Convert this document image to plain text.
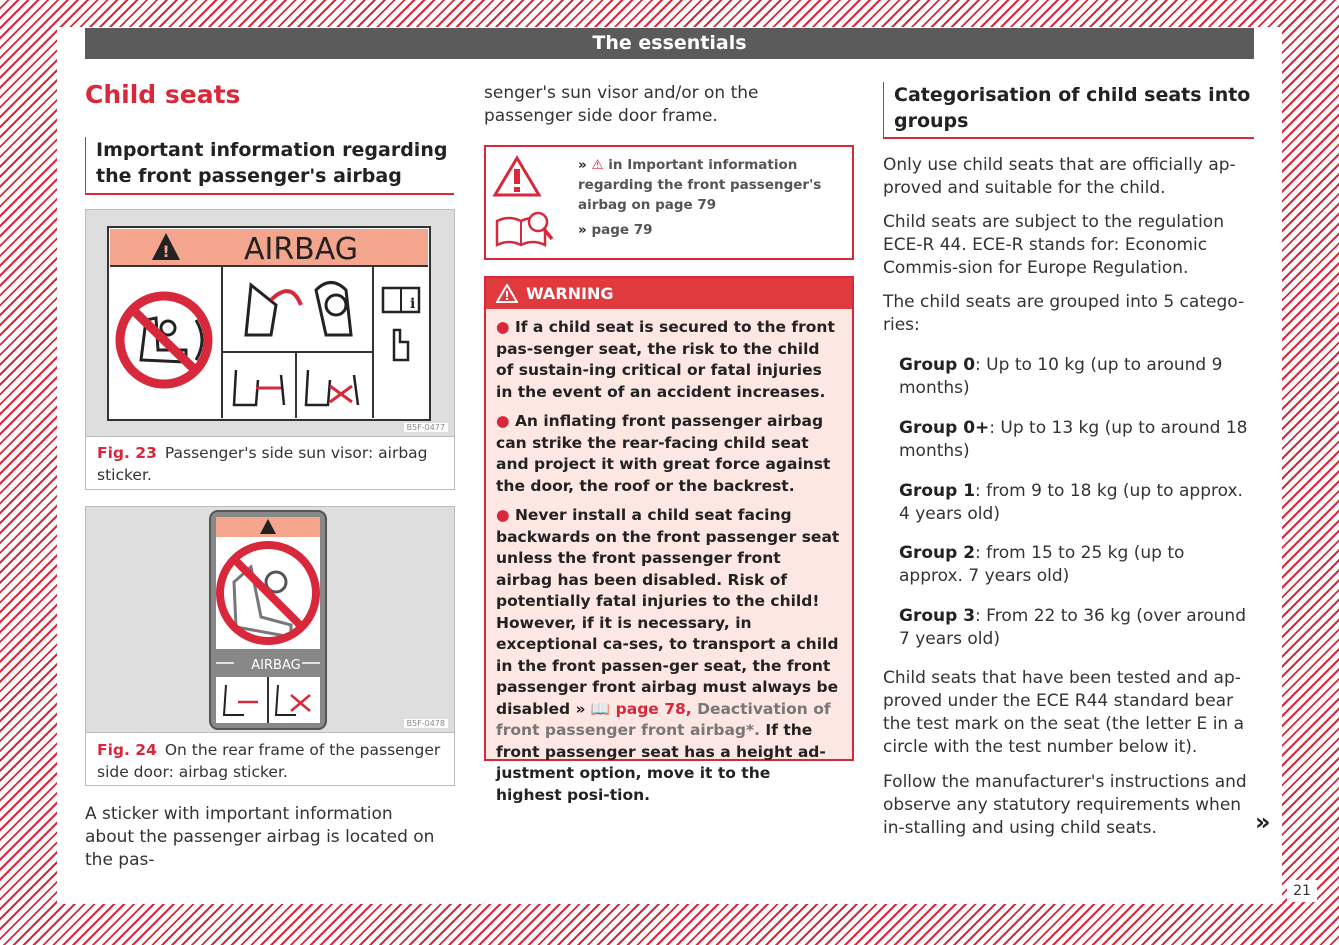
The essentials
Child seats
Important information regarding the front passenger's airbag
! AIRBAG
i
B5F-0477
Fig. 23 Passenger's side sun visor: airbag sticker.
AIRBAG
B5F-0478
Fig. 24 On the rear frame of the passenger side door: airbag sticker.
A sticker with important information about the passenger airbag is located on the pas-
senger's sun visor and/or on the passenger side door frame.
» ⚠ in Important information regarding the front passenger's airbag on page 79
» page 79
WARNING

● If a child seat is secured to the front pas-senger seat, the risk to the child of sustain-ing critical or fatal injuries in the event of an accident increases.

● An inflating front passenger airbag can strike the rear-facing child seat and project it with great force against the door, the roof or the backrest.

● Never install a child seat facing backwards on the front passenger seat unless the front passenger front airbag has been disabled. Risk of potentially fatal injuries to the child! However, if it is necessary, in exceptional ca-ses, to transport a child in the front passen-ger seat, the front passenger front airbag must always be disabled » 📖 page 78, Deactivation of front passenger front airbag*. If the front passenger seat has a height ad-justment option, move it to the highest posi-tion.

Categorisation of child seats into groups
Only use child seats that are officially ap-proved and suitable for the child.
Child seats are subject to the regulation ECE-R 44. ECE-R stands for: Economic Commis-sion for Europe Regulation.
The child seats are grouped into 5 catego-ries:
Group 0: Up to 10 kg (up to around 9 months)
Group 0+: Up to 13 kg (up to around 18 months)
Group 1: from 9 to 18 kg (up to approx. 4 years old)
Group 2: from 15 to 25 kg (up to approx. 7 years old)
Group 3: From 22 to 36 kg (over around 7 years old)
Child seats that have been tested and ap-proved under the ECE R44 standard bear the test mark on the seat (the letter E in a circle with the test number below it).
Follow the manufacturer's instructions and observe any statutory requirements when in-stalling and using child seats.	»
21
